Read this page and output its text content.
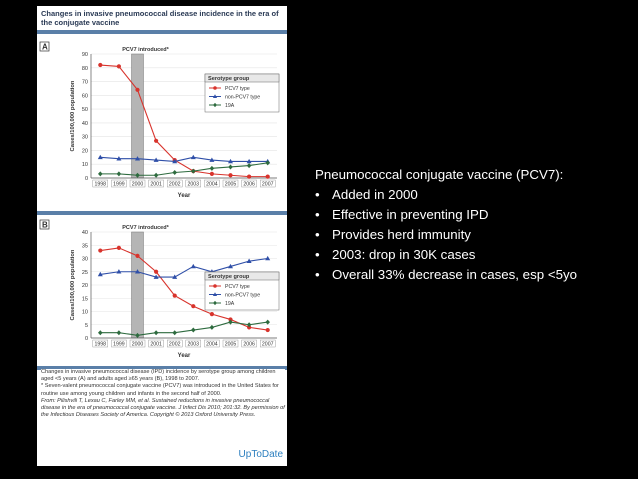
Changes in invasive pneumococcal disease incidence in the era of the conjugate vaccine
A
0
10
20
30
40
50
60
70
80
90
PCV7 introduced*
1998 1999 2000 2001 2002 2003 2004 2005 2006 2007
Year
Cases/100,000 population
Serotype group
PCV7 type
non-PCV7 type
19A
B
0
5
10
15
20
25
30
35
40
PCV7 introduced*
1998 1999 2000 2001 2002 2003 2004 2005 2006 2007
Year
Cases/100,000 population	Serotype group
PCV7 type
non-PCV7 type
19A
Changes in invasive pneumococcal disease (IPD) incidence by serotype group among children aged <5 years (A) and adults aged ≥65 years (B), 1998 to 2007.
* Seven-valent pneumococcal conjugate vaccine (PCV7) was introduced in the United States for routine use among young children and infants in the second half of 2000.
From: Pilishvili T, Lexau C, Farley MM, et al. Sustained reductions in invasive pneumococcal disease in the era of pneumococcal conjugate vaccine. J Infect Dis 2010; 201:32. By permission of the Infectious Diseases Society of America. Copyright © 2013 Oxford University Press.
UpToDate
Pneumococcal conjugate vaccine (PCV7):
• Added in 2000
• Effective in preventing IPD
• Provides herd immunity
• 2003: drop in 30K cases
• Overall 33% decrease in cases, esp <5yo
